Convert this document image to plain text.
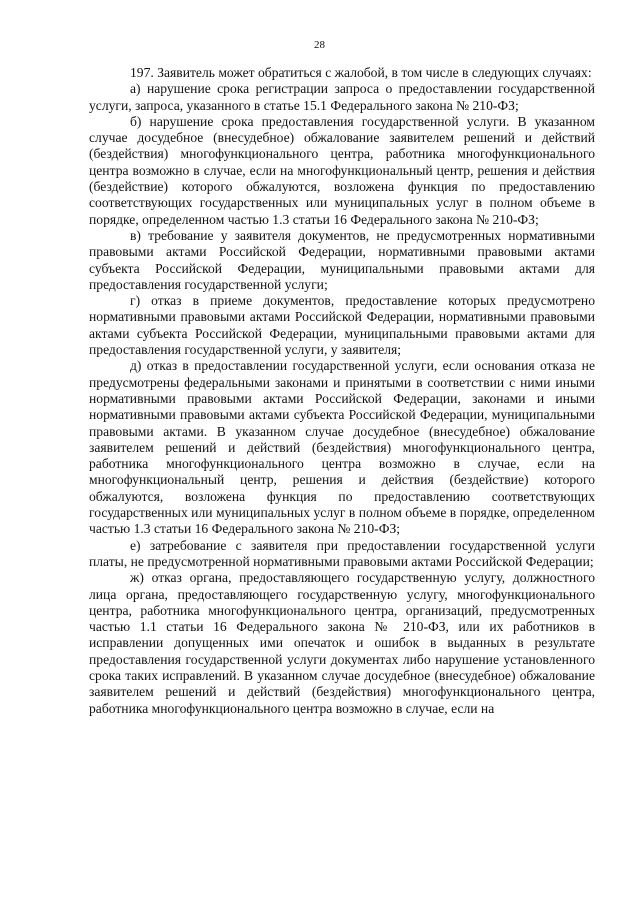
28

197. Заявитель может обратиться с жалобой, в том числе в следующих случаях:

а) нарушение срока регистрации запроса о предоставлении государственной услуги, запроса, указанного в статье 15.1 Федерального закона № 210-ФЗ;

б) нарушение срока предоставления государственной услуги. В указанном случае досудебное (внесудебное) обжалование заявителем решений и действий (бездействия) многофункционального центра, работника многофункционального центра возможно в случае, если на многофункциональный центр, решения и действия (бездействие) которого обжалуются, возложена функция по предоставлению соответствующих государственных или муниципальных услуг в полном объеме в порядке, определенном частью 1.3 статьи 16 Федерального закона № 210-ФЗ;

в) требование у заявителя документов, не предусмотренных нормативными правовыми актами Российской Федерации, нормативными правовыми актами субъекта Российской Федерации, муниципальными правовыми актами для предоставления государственной услуги;

г) отказ в приеме документов, предоставление которых предусмотрено нормативными правовыми актами Российской Федерации, нормативными правовыми актами субъекта Российской Федерации, муниципальными правовыми актами для предоставления государственной услуги, у заявителя;

д) отказ в предоставлении государственной услуги, если основания отказа не предусмотрены федеральными законами и принятыми в соответствии с ними иными нормативными правовыми актами Российской Федерации, законами и иными нормативными правовыми актами субъекта Российской Федерации, муниципальными правовыми актами. В указанном случае досудебное (внесудебное) обжалование заявителем решений и действий (бездействия) многофункционального центра, работника многофункционального центра возможно в случае, если на многофункциональный центр, решения и действия (бездействие) которого обжалуются, возложена функция по предоставлению соответствующих государственных или муниципальных услуг в полном объеме в порядке, определенном частью 1.3 статьи 16 Федерального закона № 210-ФЗ;

е) затребование с заявителя при предоставлении государственной услуги платы, не предусмотренной нормативными правовыми актами Российской Федерации;

ж) отказ органа, предоставляющего государственную услугу, должностного лица органа, предоставляющего государственную услугу, многофункционального центра, работника многофункционального центра, организаций, предусмотренных частью 1.1 статьи 16 Федерального закона № 210-ФЗ, или их работников в исправлении допущенных ими опечаток и ошибок в выданных в результате предоставления государственной услуги документах либо нарушение установленного срока таких исправлений. В указанном случае досудебное (внесудебное) обжалование заявителем решений и действий (бездействия) многофункционального центра, работника многофункционального центра возможно в случае, если на
